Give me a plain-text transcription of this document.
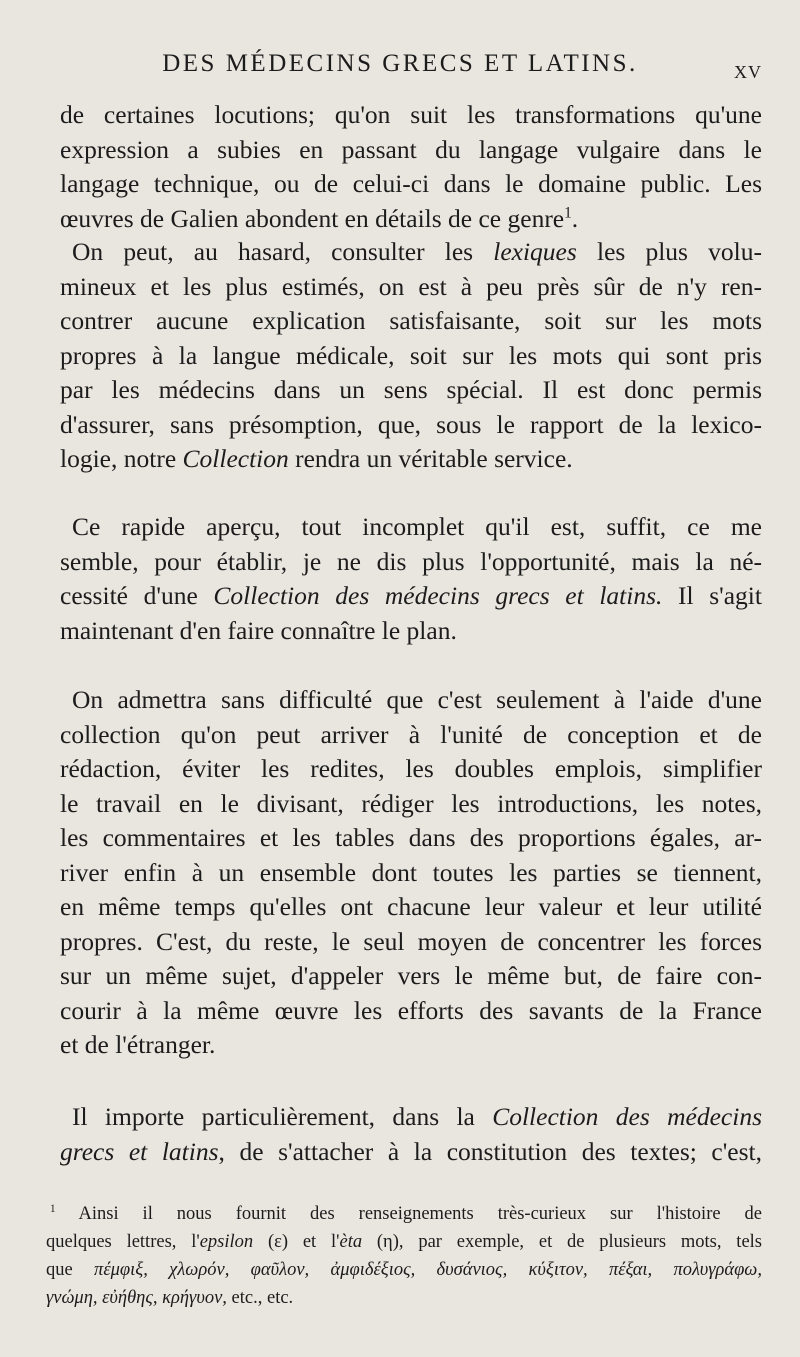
DES MÉDECINS GRECS ET LATINS.	XV
de certaines locutions; qu'on suit les transformations qu'une
expression a subies en passant du langage vulgaire dans le
langage technique, ou de celui-ci dans le domaine public. Les
œuvres de Galien abondent en détails de ce genre$^1$.
On peut, au hasard, consulter les lexiques les plus volu-
mineux et les plus estimés, on est à peu près sûr de n'y ren-
contrer aucune explication satisfaisante, soit sur les mots
propres à la langue médicale, soit sur les mots qui sont pris
par les médecins dans un sens spécial. Il est donc permis
d'assurer, sans présomption, que, sous le rapport de la lexico-
logie, notre Collection rendra un véritable service.
Ce rapide aperçu, tout incomplet qu'il est, suffit, ce me
semble, pour établir, je ne dis plus l'opportunité, mais la né-
cessité d'une Collection des médecins grecs et latins. Il s'agit
maintenant d'en faire connaître le plan.
On admettra sans difficulté que c'est seulement à l'aide d'une
collection qu'on peut arriver à l'unité de conception et de
rédaction, éviter les redites, les doubles emplois, simplifier
le travail en le divisant, rédiger les introductions, les notes,
les commentaires et les tables dans des proportions égales, ar-
river enfin à un ensemble dont toutes les parties se tiennent,
en même temps qu'elles ont chacune leur valeur et leur utilité
propres. C'est, du reste, le seul moyen de concentrer les forces
sur un même sujet, d'appeler vers le même but, de faire con-
courir à la même œuvre les efforts des savants de la France
et de l'étranger.
Il importe particulièrement, dans la Collection des médecins
grecs et latins, de s'attacher à la constitution des textes; c'est,
$^1$ Ainsi il nous fournit des renseignements très-curieux sur l'histoire de
quelques lettres, l'epsilon (ε) et l'èta (η), par exemple, et de plusieurs mots, tels
que πέμφιξ, χλωρόν, φαῦλον, ἀμφιδέξιος, δυσάνιος, κύξιτον, πέξαι, πολυγράφω,
γνώμη, εὐήθης, κρήγυον, etc., etc.
